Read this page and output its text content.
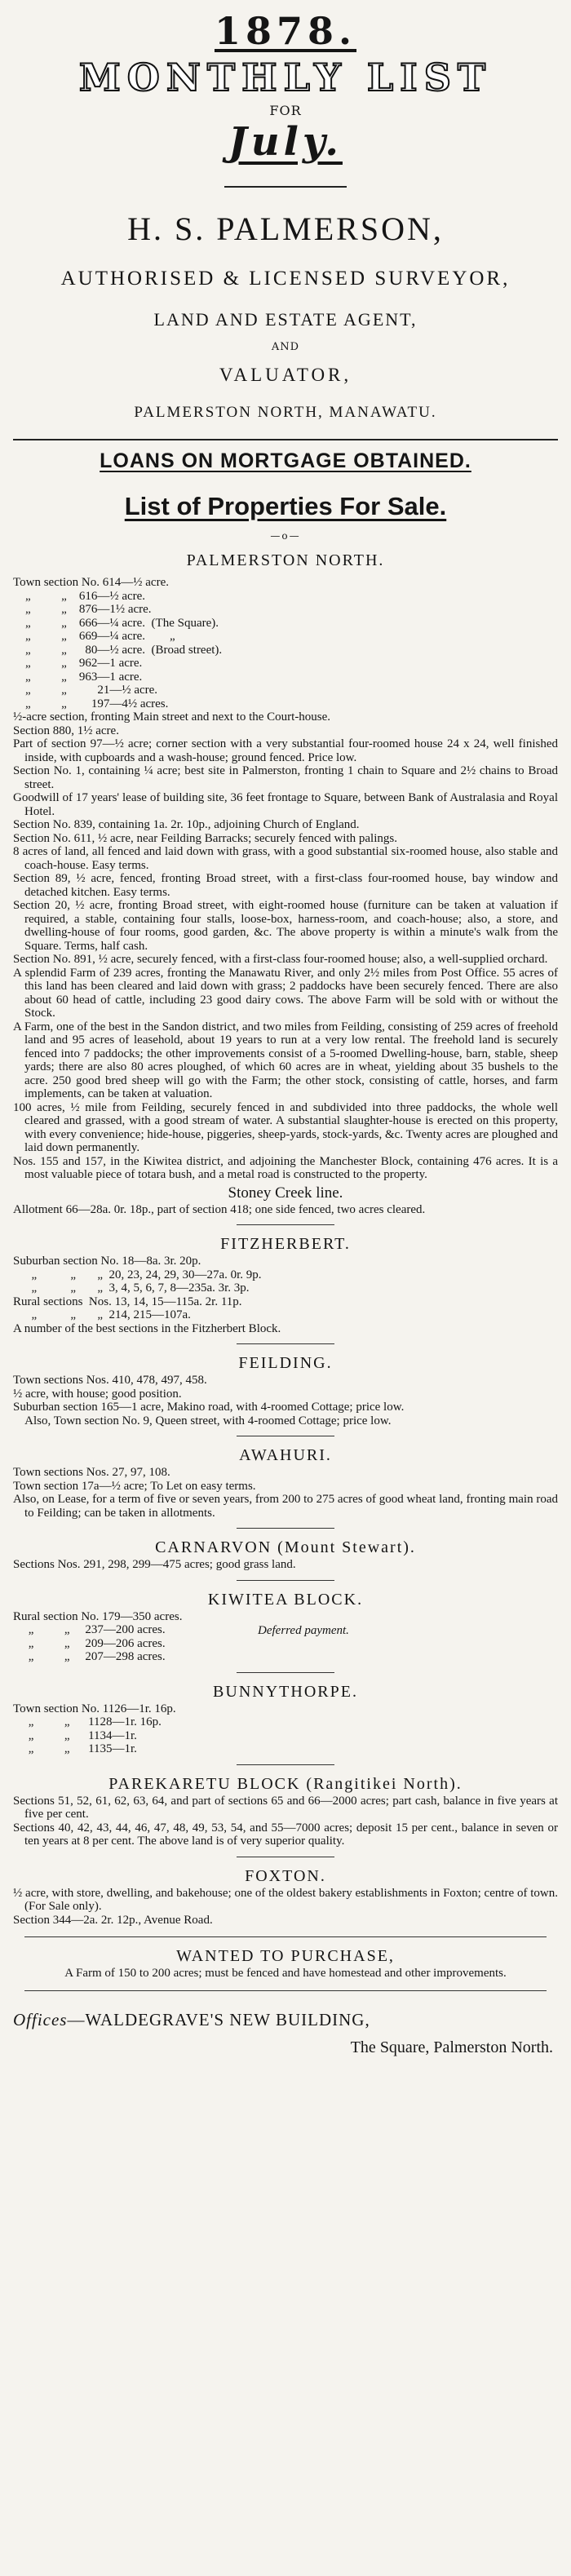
1878.
MONTHLY LIST
FOR
July.
H. S. PALMERSON,
AUTHORISED & LICENSED SURVEYOR,
LAND AND ESTATE AGENT,
AND
VALUATOR,
PALMERSTON NORTH, MANAWATU.
LOANS ON MORTGAGE OBTAINED.
List of Properties For Sale.
—o—
PALMERSTON NORTH.
Town section No. 614—½ acre.
„          „    616—½ acre.
„          „    876—1½ acre.
„          „    666—¼ acre.  (The Square).
„          „    669—¼ acre.        „
„          „      80—½ acre.  (Broad street).
„          „    962—1 acre.
„          „    963—1 acre.
„          „          21—½ acre.
„          „        197—4½ acres.

½-acre section, fronting Main street and next to the Court-house.

Section 880, 1½ acre.

Part of section 97—½ acre; corner section with a very substantial four-roomed house 24 x 24, well finished inside, with cupboards and a wash-house; ground fenced. Price low.

Section No. 1, containing ¼ acre; best site in Palmerston, fronting 1 chain to Square and 2½ chains to Broad street.

Goodwill of 17 years' lease of building site, 36 feet frontage to Square, between Bank of Australasia and Royal Hotel.

Section No. 839, containing 1a. 2r. 10p., adjoining Church of England.

Section No. 611, ½ acre, near Feilding Barracks; securely fenced with palings.

8 acres of land, all fenced and laid down with grass, with a good substantial six-roomed house, also stable and coach-house. Easy terms.

Section 89, ½ acre, fenced, fronting Broad street, with a first-class four-roomed house, bay window and detached kitchen. Easy terms.

Section 20, ½ acre, fronting Broad street, with eight-roomed house (furniture can be taken at valuation if required, a stable, containing four stalls, loose-box, harness-room, and coach-house; also, a store, and dwelling-house of four rooms, good garden, &c. The above property is within a minute's walk from the Square. Terms, half cash.

Section No. 891, ½ acre, securely fenced, with a first-class four-roomed house; also, a well-supplied orchard.

A splendid Farm of 239 acres, fronting the Manawatu River, and only 2½ miles from Post Office. 55 acres of this land has been cleared and laid down with grass; 2 paddocks have been securely fenced. There are also about 60 head of cattle, including 23 good dairy cows. The above Farm will be sold with or without the Stock.

A Farm, one of the best in the Sandon district, and two miles from Feilding, consisting of 259 acres of freehold land and 95 acres of leasehold, about 19 years to run at a very low rental. The freehold land is securely fenced into 7 paddocks; the other improvements consist of a 5-roomed Dwelling-house, barn, stable, sheep yards; there are also 80 acres ploughed, of which 60 acres are in wheat, yielding about 35 bushels to the acre. 250 good bred sheep will go with the Farm; the other stock, consisting of cattle, horses, and farm implements, can be taken at valuation.

100 acres, ½ mile from Feilding, securely fenced in and subdivided into three paddocks, the whole well cleared and grassed, with a good stream of water. A substantial slaughter-house is erected on this property, with every convenience; hide-house, piggeries, sheep-yards, stock-yards, &c. Twenty acres are ploughed and laid down permanently.

Nos. 155 and 157, in the Kiwitea district, and adjoining the Manchester Block, containing 476 acres. It is a most valuable piece of totara bush, and a metal road is constructed to the property.

Stoney Creek line.

Allotment 66—28a. 0r. 18p., part of section 418; one side fenced, two acres cleared.

FITZHERBERT.
Suburban section No. 18—8a. 3r. 20p.
„           „       „  20, 23, 24, 29, 30—27a. 0r. 9p.
„           „       „  3, 4, 5, 6, 7, 8—235a. 3r. 3p.
Rural sections  Nos. 13, 14, 15—115a. 2r. 11p.
„           „       „  214, 215—107a.

A number of the best sections in the Fitzherbert Block.

FEILDING.
Town sections Nos. 410, 478, 497, 458.
½ acre, with house; good position.
Suburban section 165—1 acre, Makino road, with 4-roomed Cottage; price low.
Also, Town section No. 9, Queen street, with 4-roomed Cottage; price low.
AWAHURI.
Town sections Nos. 27, 97, 108.
Town section 17a—½ acre; To Let on easy terms.

Also, on Lease, for a term of five or seven years, from 200 to 275 acres of good wheat land, fronting main road to Feilding; can be taken in allotments.

CARNARVON (Mount Stewart).

Sections Nos. 291, 298, 299—475 acres; good grass land.

KIWITEA BLOCK.
Rural section No. 179—350 acres.
„          „     237—200 acres.
„          „     209—206 acres.
„          „     207—298 acres.
Deferred payment.
BUNNYTHORPE.
Town section No. 1126—1r. 16p.
„          „      1128—1r. 16p.
„          „      1134—1r.
„          „      1135—1r.
PAREKARETU BLOCK (Rangitikei North).

Sections 51, 52, 61, 62, 63, 64, and part of sections 65 and 66—2000 acres; part cash, balance in five years at five per cent.

Sections 40, 42, 43, 44, 46, 47, 48, 49, 53, 54, and 55—7000 acres; deposit 15 per cent., balance in seven or ten years at 8 per cent. The above land is of very superior quality.

FOXTON.

½ acre, with store, dwelling, and bakehouse; one of the oldest bakery establishments in Foxton; centre of town. (For Sale only).

Section 344—2a. 2r. 12p., Avenue Road.
WANTED TO PURCHASE,

A Farm of 150 to 200 acres; must be fenced and have homestead and other improvements.

Offices—WALDEGRAVE'S NEW BUILDING,
The Square, Palmerston North.
